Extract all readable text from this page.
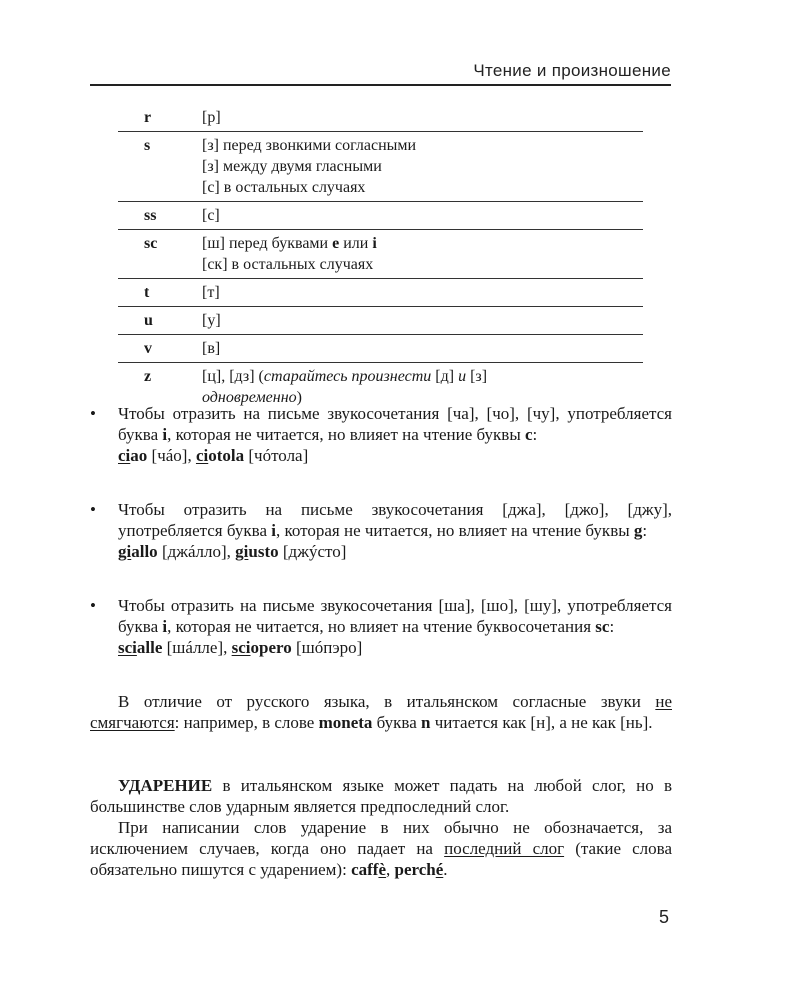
Чтение и произношение
r	[р]

s	[з] перед звонкими согласными
[з] между двумя гласными
[с] в остальных случаях

ss	[с]

sc	[ш] перед буквами e или i
[ск] в остальных случаях

t	[т]

u	[у]

v	[в]

z	[ц], [дз] (старайтесь произнести [д] и [з]
одновременно)
• Чтобы отразить на письме звукосочетания [ча], [чо], [чу], употребляется буква i, которая не читается, но влияет на чтение буквы c:
ciao [чáо], ciotola [чóтола]
• Чтобы отразить на письме звукосочетания [джа], [джо], [джу], употребляется буква i, которая не читается, но влияет на чтение буквы g:
giallo [джáлло], giusto [джýсто]
• Чтобы отразить на письме звукосочетания [ша], [шо], [шу], употребляется буква i, которая не читается, но влияет на чтение буквосочетания sc:
scialle [шáлле], sciopero [шóпэро]
В отличие от русского языка, в итальянском согласные звуки не смягчаются: например, в слове moneta буква n читается как [н], а не как [нь].
УДАРЕНИЕ в итальянском языке может падать на любой слог, но в большинстве слов ударным является предпоследний слог.
При написании слов ударение в них обычно не обозначается, за исключением случаев, когда оно падает на последний слог (такие слова обязательно пишутся с ударением): caffè, perché.
5
